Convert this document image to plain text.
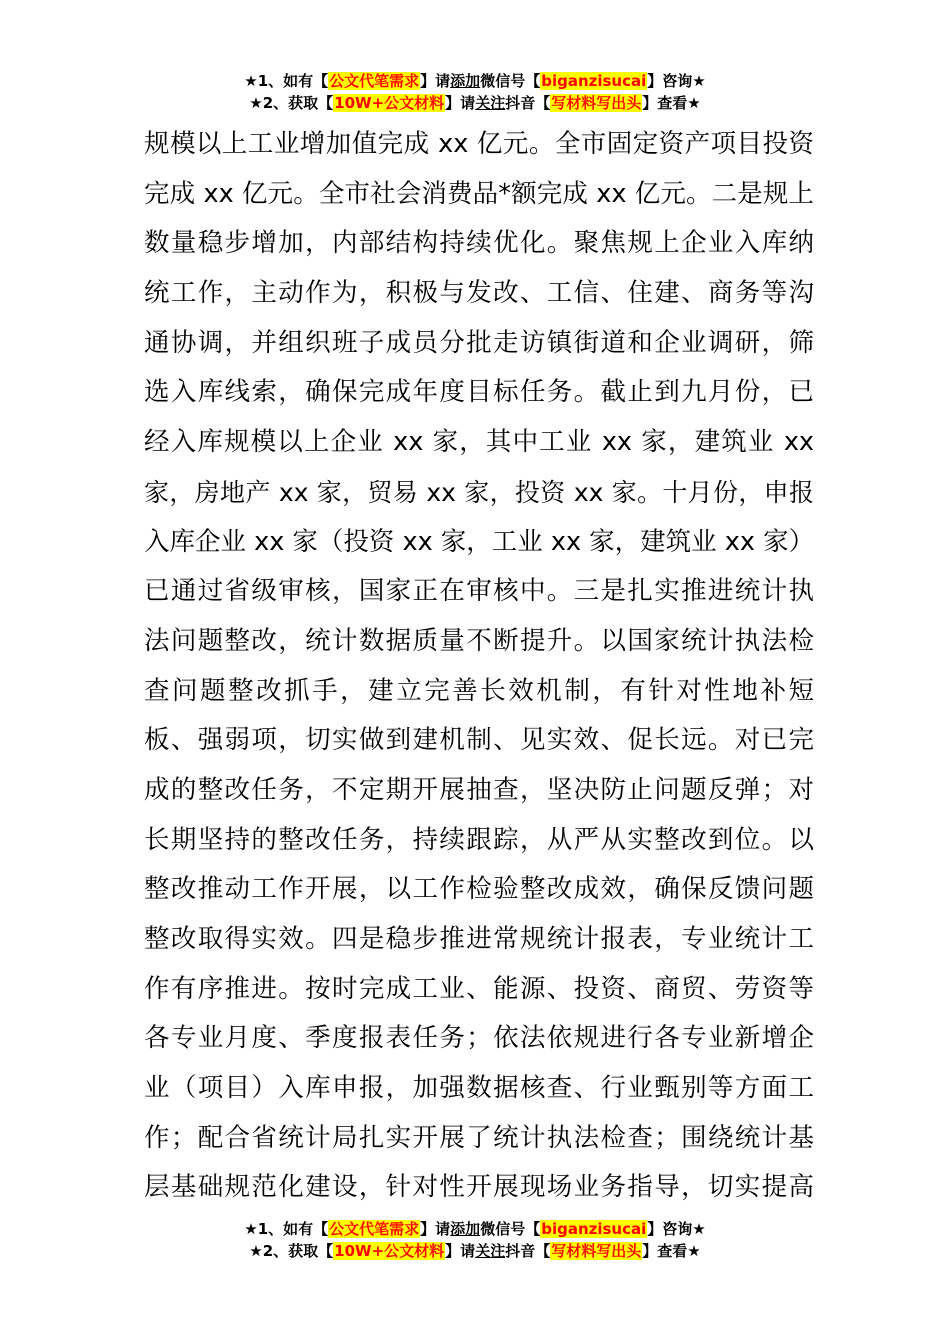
★1、如有【公文代笔需求】请添加微信号【biganzisucai】咨询★
★2、获取【10W+公文材料】请关注抖音【写材料写出头】查看★
规模以上工业增加值完成 xx 亿元。全市固定资产项目投资
完成 xx 亿元。全市社会消费品*额完成 xx 亿元。二是规上
数量稳步增加，内部结构持续优化。聚焦规上企业入库纳
统工作，主动作为，积极与发改、工信、住建、商务等沟
通协调，并组织班子成员分批走访镇街道和企业调研，筛
选入库线索，确保完成年度目标任务。截止到九月份，已
经入库规模以上企业 xx 家，其中工业 xx 家，建筑业 xx
家，房地产 xx 家，贸易 xx 家，投资 xx 家。十月份，申报
入库企业 xx 家（投资 xx 家，工业 xx 家，建筑业 xx 家）
已通过省级审核，国家正在审核中。三是扎实推进统计执
法问题整改，统计数据质量不断提升。以国家统计执法检
查问题整改抓手，建立完善长效机制，有针对性地补短
板、强弱项，切实做到建机制、见实效、促长远。对已完
成的整改任务，不定期开展抽查，坚决防止问题反弹；对
长期坚持的整改任务，持续跟踪，从严从实整改到位。以
整改推动工作开展，以工作检验整改成效，确保反馈问题
整改取得实效。四是稳步推进常规统计报表，专业统计工
作有序推进。按时完成工业、能源、投资、商贸、劳资等
各专业月度、季度报表任务；依法依规进行各专业新增企
业（项目）入库申报，加强数据核查、行业甄别等方面工
作；配合省统计局扎实开展了统计执法检查；围绕统计基
层基础规范化建设，针对性开展现场业务指导，切实提高
★1、如有【公文代笔需求】请添加微信号【biganzisucai】咨询★
★2、获取【10W+公文材料】请关注抖音【写材料写出头】查看★
